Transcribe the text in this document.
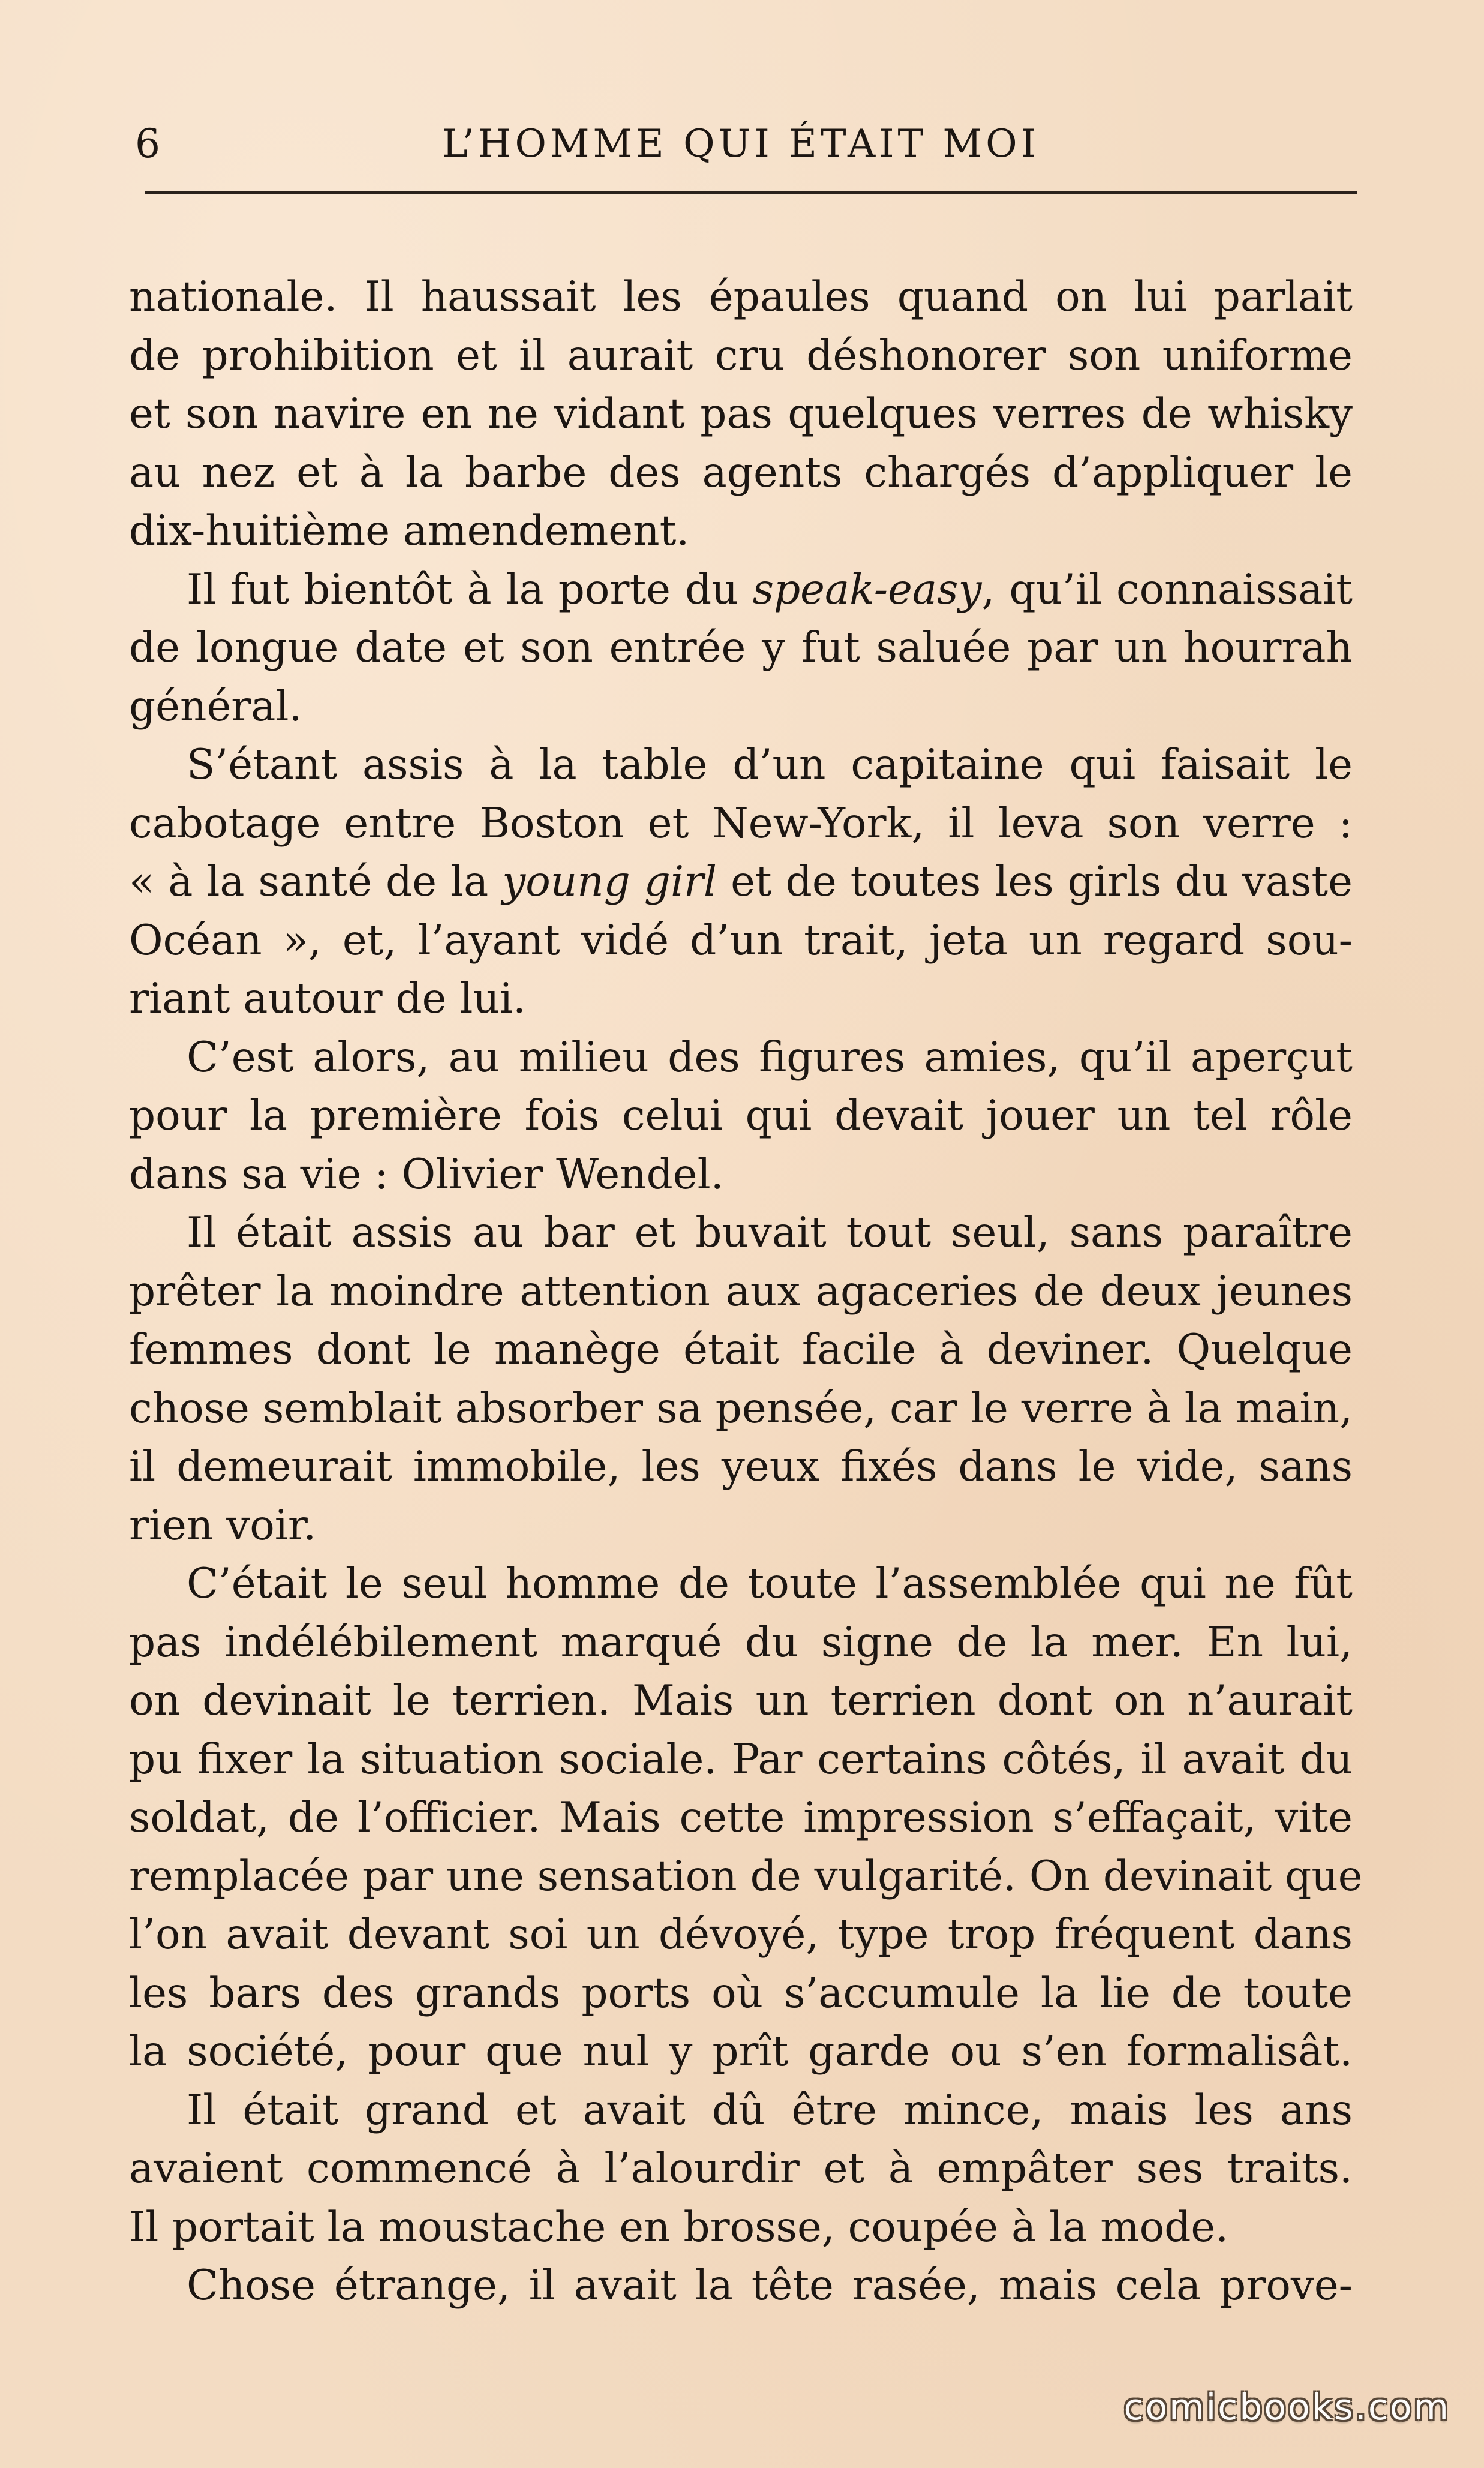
6	L’HOMME QUI ÉTAIT MOI
nationale. Il haussait les épaules quand on lui parlait
de prohibition et il aurait cru déshonorer son uniforme
et son navire en ne vidant pas quelques verres de whisky
au nez et à la barbe des agents chargés d’appliquer le
dix-huitième amendement.
Il fut bientôt à la porte du speak-easy, qu’il connaissait
de longue date et son entrée y fut saluée par un hourrah
général.
S’étant assis à la table d’un capitaine qui faisait le
cabotage entre Boston et New-York, il leva son verre :
« à la santé de la young girl et de toutes les girls du vaste
Océan », et, l’ayant vidé d’un trait, jeta un regard sou-
riant autour de lui.
C’est alors, au milieu des figures amies, qu’il aperçut
pour la première fois celui qui devait jouer un tel rôle
dans sa vie : Olivier Wendel.
Il était assis au bar et buvait tout seul, sans paraître
prêter la moindre attention aux agaceries de deux jeunes
femmes dont le manège était facile à deviner. Quelque
chose semblait absorber sa pensée, car le verre à la main,
il demeurait immobile, les yeux fixés dans le vide, sans
rien voir.
C’était le seul homme de toute l’assemblée qui ne fût
pas indélébilement marqué du signe de la mer. En lui,
on devinait le terrien. Mais un terrien dont on n’aurait
pu fixer la situation sociale. Par certains côtés, il avait du
soldat, de l’officier. Mais cette impression s’effaçait, vite
remplacée par une sensation de vulgarité. On devinait que
l’on avait devant soi un dévoyé, type trop fréquent dans
les bars des grands ports où s’accumule la lie de toute
la société, pour que nul y prît garde ou s’en formalisât.
Il était grand et avait dû être mince, mais les ans
avaient commencé à l’alourdir et à empâter ses traits.
Il portait la moustache en brosse, coupée à la mode.
Chose étrange, il avait la tête rasée, mais cela prove-
comicbooks.com
